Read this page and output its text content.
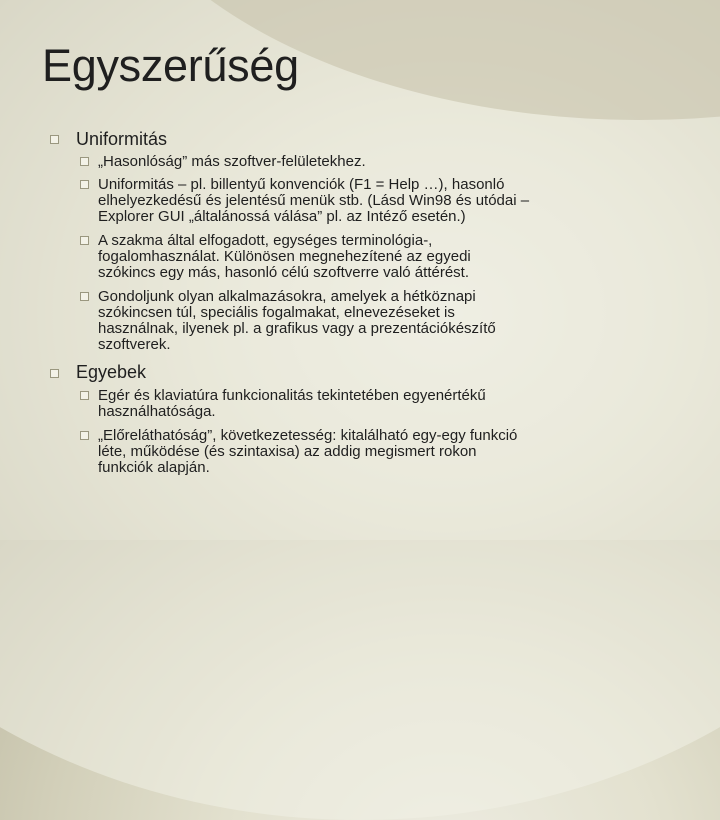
Egyszerűség
Uniformitás
„Hasonlóság” más szoftver-felületekhez.
Uniformitás – pl. billentyű konvenciók (F1 = Help …), hasonló
elhelyezkedésű és jelentésű menük stb. (Lásd Win98 és utódai –
Explorer GUI „általánossá válása” pl. az Intéző esetén.)
A szakma által elfogadott, egységes terminológia-,
fogalomhasználat. Különösen megnehezítené az egyedi
szókincs egy más, hasonló célú szoftverre való áttérést.
Gondoljunk olyan alkalmazásokra, amelyek a hétköznapi
szókincsen túl, speciális fogalmakat, elnevezéseket is
használnak, ilyenek pl. a grafikus vagy a prezentációkészítő
szoftverek.
Egyebek
Egér és klaviatúra funkcionalitás tekintetében egyenértékű
használhatósága.
„Előreláthatóság”, következetesség: kitalálható egy-egy funkció
léte, működése (és szintaxisa) az addig megismert rokon
funkciók alapján.
